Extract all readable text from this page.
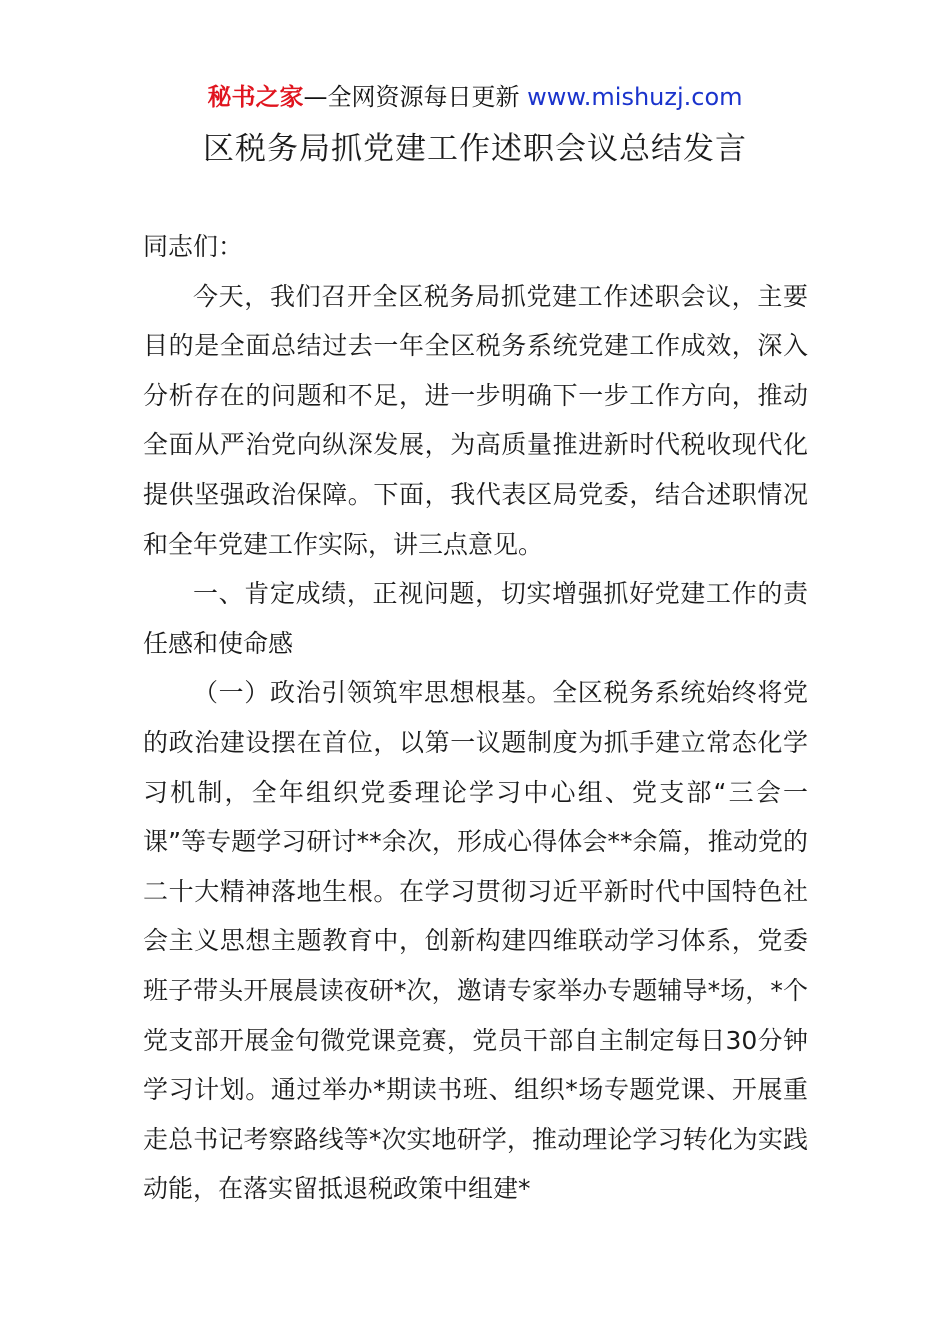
秘书之家—全网资源每日更新 www.mishuzj.com
区税务局抓党建工作述职会议总结发言

同志们：

今天，我们召开全区税务局抓党建工作述职会议，主要目的是全面总结过去一年全区税务系统党建工作成效，深入分析存在的问题和不足，进一步明确下一步工作方向，推动全面从严治党向纵深发展，为高质量推进新时代税收现代化提供坚强政治保障。下面，我代表区局党委，结合述职情况和全年党建工作实际，讲三点意见。

一、肯定成绩，正视问题，切实增强抓好党建工作的责任感和使命感

（一）政治引领筑牢思想根基。全区税务系统始终将党的政治建设摆在首位，以第一议题制度为抓手建立常态化学习机制，全年组织党委理论学习中心组、党支部“三会一课”等专题学习研讨**余次，形成心得体会**余篇，推动党的二十大精神落地生根。在学习贯彻习近平新时代中国特色社会主义思想主题教育中，创新构建四维联动学习体系，党委班子带头开展晨读夜研*次，邀请专家举办专题辅导*场，*个党支部开展金句微党课竞赛，党员干部自主制定每日30分钟学习计划。通过举办*期读书班、组织*场专题党课、开展重走总书记考察路线等*次实地研学，推动理论学习转化为实践动能，在落实留抵退税政策中组建*
